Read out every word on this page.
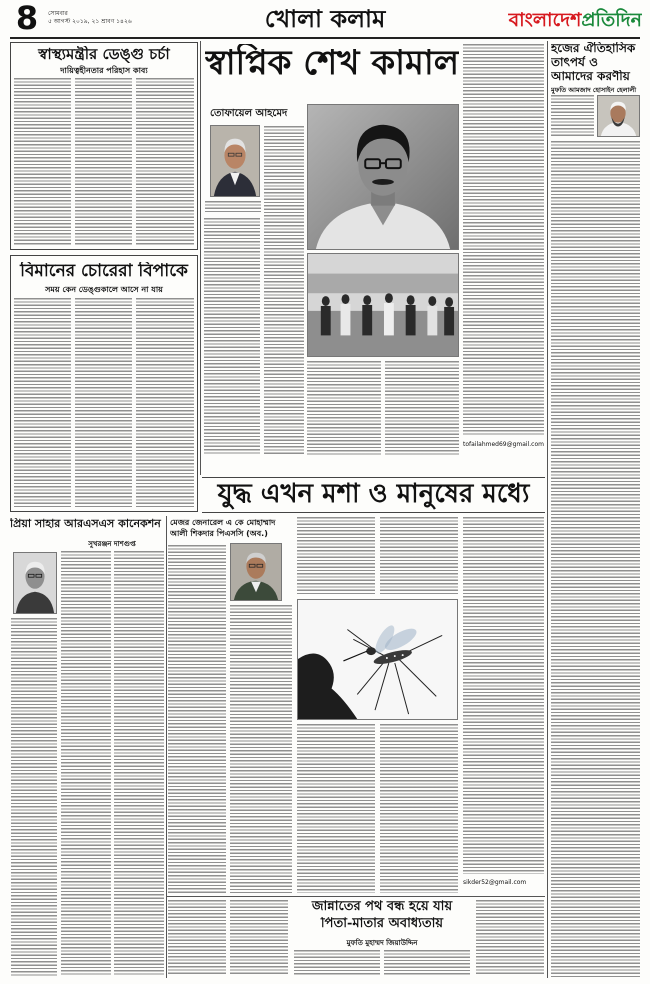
8	সোমবার
৫ আগস্ট ২০১৯, ২১ শ্রাবণ ১৪২৬	খোলা কলাম	বাংলাদেশপ্রতিদিন
স্বাস্থ্যমন্ত্রীর ডেঙ্গু চর্চা
দায়িত্বহীনতার পরিহাস কাব্য
বিমানের চোরেরা বিপাকে
সময় কেন ডেঙ্গুকালে আসে না যায়
স্বাপ্নিক শেখ কামাল
তোফায়েল আহমেদ
tofailahmed69@gmail.com
হজের ঐতিহাসিক
তাৎপর্য ও
আমাদের করণীয়
মুফতি আমজাদ হোসাইন হেলালী
যুদ্ধ এখন মশা ও মানুষের মধ্যে
মেজর জেনারেল এ কে মোহাম্মাদ
আলী শিকদার পিএসসি (অব.)
sikder52@gmail.com
প্রিয়া সাহার আরএসএস কানেকশন
সুখরঞ্জন দাশগুপ্ত
জান্নাতের পথ বন্ধ হয়ে যায়
পিতা-মাতার অবাধ্যতায়
মুফতি মুহাম্মদ জিয়াউদ্দিন
